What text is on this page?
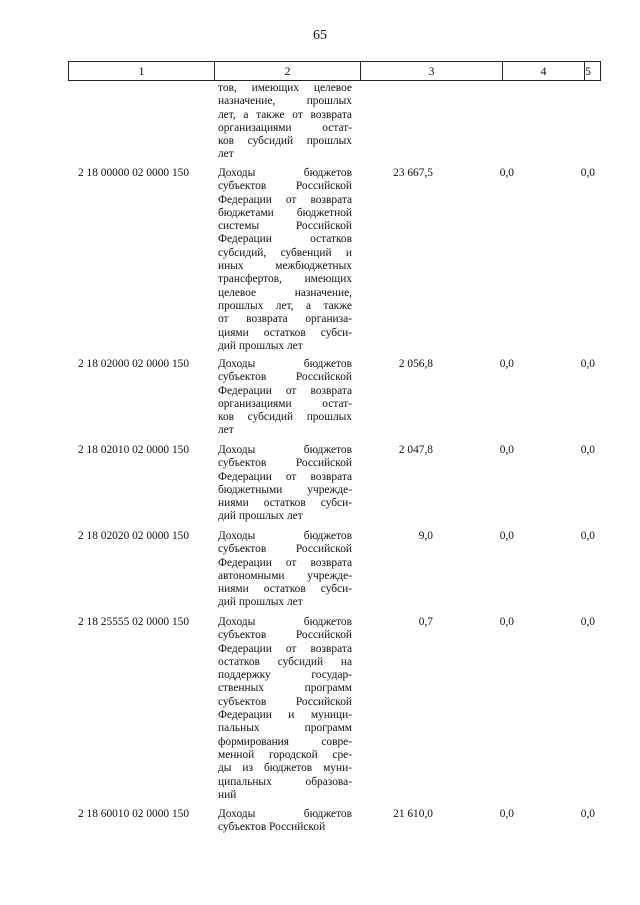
65
1	2	3	4	5
тов, имеющих целевое
назначение, прошлых
лет, а также от возврата
организациями остат-
ков субсидий прошлых
лет
2 18 00000 02 0000 150	Доходы бюджетов
субъектов Российской
Федерации от возврата
бюджетами бюджетной
системы Российской
Федерации остатков
субсидий, субвенций и
иных межбюджетных
трансфертов, имеющих
целевое назначение,
прошлых лет, а также
от возврата организа-
циями остатков субси-
дий прошлых лет
23 667,5	0,0	0,0
2 18 02000 02 0000 150	Доходы бюджетов
субъектов Российской
Федерации от возврата
организациями остат-
ков субсидий прошлых
лет
2 056,8	0,0	0,0
2 18 02010 02 0000 150	Доходы бюджетов
субъектов Российской
Федерации от возврата
бюджетными учрежде-
ниями остатков субси-
дий прошлых лет
2 047,8	0,0	0,0
2 18 02020 02 0000 150	Доходы бюджетов
субъектов Российской
Федерации от возврата
автономными учрежде-
ниями остатков субси-
дий прошлых лет
9,0	0,0	0,0
2 18 25555 02 0000 150	Доходы бюджетов
субъектов Российской
Федерации от возврата
остатков субсидий на
поддержку государ-
ственных программ
субъектов Российской
Федерации и муници-
пальных программ
формирования совре-
менной городской сре-
ды из бюджетов муни-
ципальных образова-
ний
0,7	0,0	0,0
2 18 60010 02 0000 150	Доходы бюджетов
субъектов Российской
21 610,0	0,0	0,0
